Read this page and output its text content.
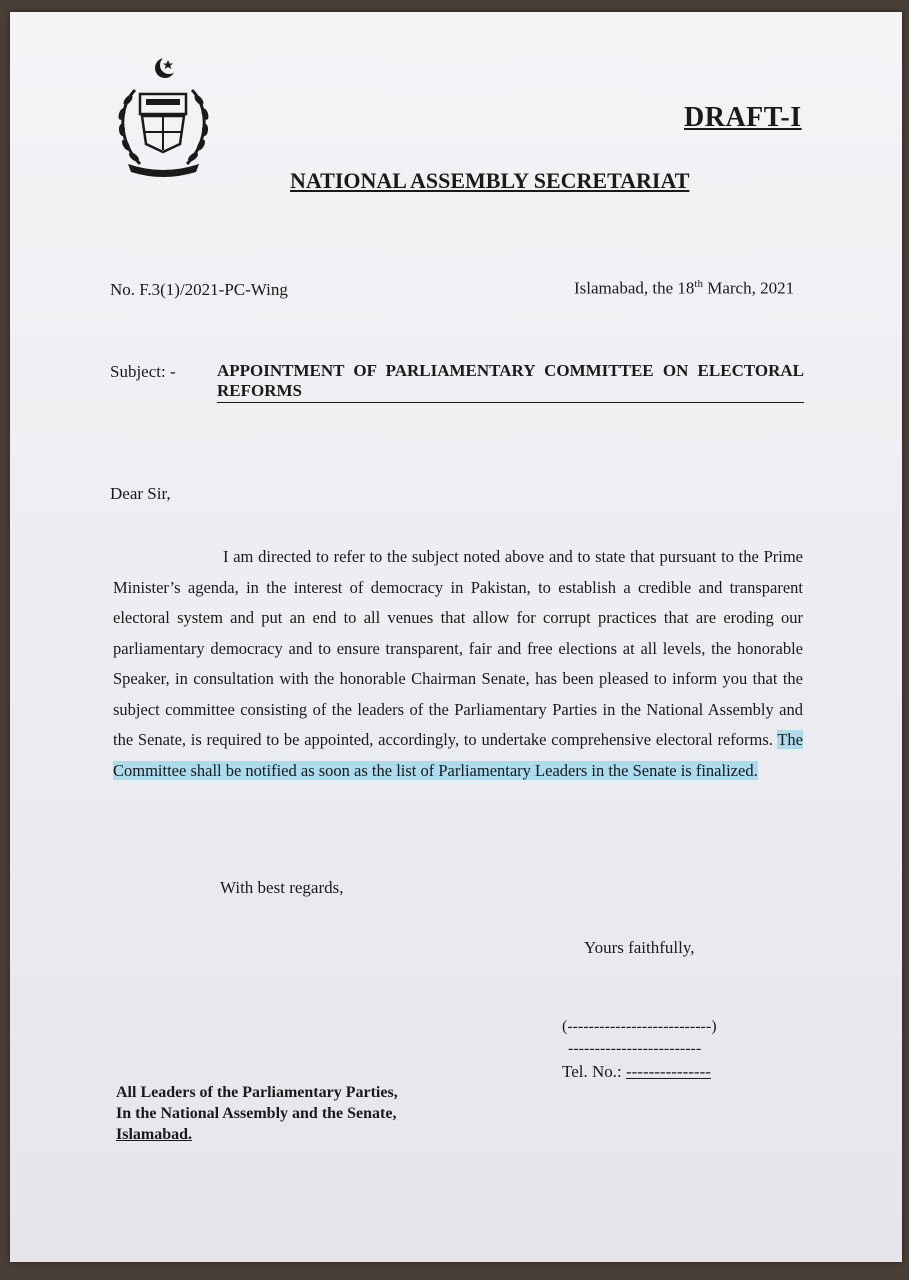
DRAFT-I
NATIONAL ASSEMBLY SECRETARIAT
No. F.3(1)/2021-PC-Wing	Islamabad, the 18th March, 2021
Subject: - APPOINTMENT OF PARLIAMENTARY COMMITTEE ON ELECTORAL REFORMS
Dear Sir,

I am directed to refer to the subject noted above and to state that pursuant to the Prime Minister’s agenda, in the interest of democracy in Pakistan, to establish a credible and transparent electoral system and put an end to all venues that allow for corrupt practices that are eroding our parliamentary democracy and to ensure transparent, fair and free elections at all levels, the honorable Speaker, in consultation with the honorable Chairman Senate, has been pleased to inform you that the subject committee consisting of the leaders of the Parliamentary Parties in the National Assembly and the Senate, is required to be appointed, accordingly, to undertake comprehensive electoral reforms. The Committee shall be notified as soon as the list of Parliamentary Leaders in the Senate is finalized.

With best regards,
Yours faithfully,
(---------------------------)
-------------------------
Tel. No.: ---------------
All Leaders of the Parliamentary Parties,
In the National Assembly and the Senate,
Islamabad.
